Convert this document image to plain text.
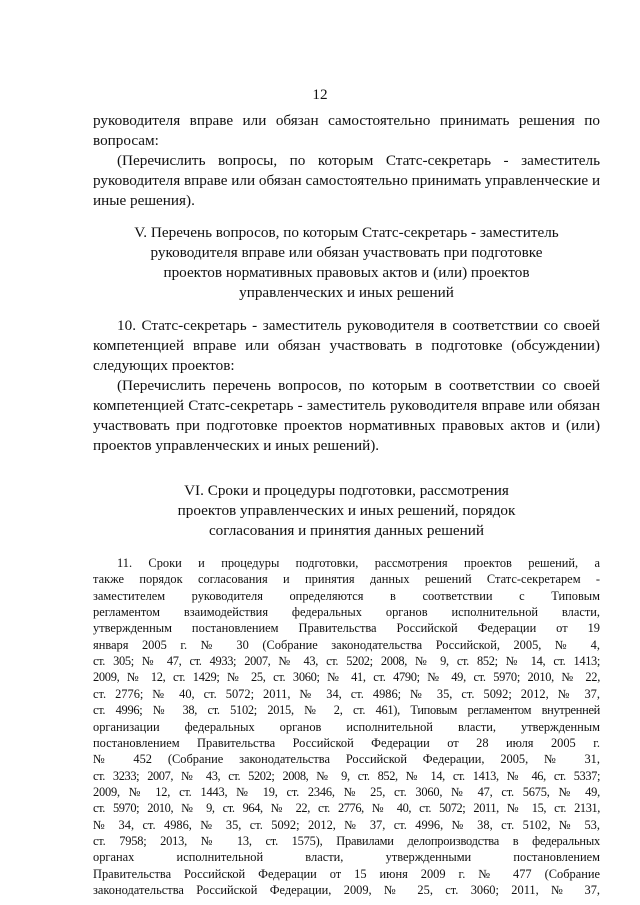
12
руководителя вправе или обязан самостоятельно принимать решения по
вопросам:
(Перечислить вопросы, по которым Статс-секретарь - заместитель
руководителя вправе или обязан самостоятельно принимать управленческие и
иные решения).
V. Перечень вопросов, по которым Статс-секретарь - заместитель
руководителя вправе или обязан участвовать при подготовке
проектов нормативных правовых актов и (или) проектов
управленческих и иных решений
10. Статс-секретарь - заместитель руководителя в соответствии со своей
компетенцией вправе или обязан участвовать в подготовке (обсуждении)
следующих проектов:
(Перечислить перечень вопросов, по которым в соответствии со своей
компетенцией Статс-секретарь - заместитель руководителя вправе или обязан
участвовать при подготовке проектов нормативных правовых актов и (или)
проектов управленческих и иных решений).
VI. Сроки и процедуры подготовки, рассмотрения
проектов управленческих и иных решений, порядок
согласования и принятия данных решений
11. Сроки и процедуры подготовки, рассмотрения проектов решений, а
также порядок согласования и принятия данных решений Статс-секретарем -
заместителем руководителя определяются в соответствии с Типовым
регламентом взаимодействия федеральных органов исполнительной власти,
утвержденным постановлением Правительства Российской Федерации от 19
января 2005 г. № 30 (Собрание законодательства Российской, 2005, № 4,
ст. 305; № 47, ст. 4933; 2007, № 43, ст. 5202; 2008, № 9, ст. 852; № 14, ст. 1413;
2009, № 12, ст. 1429; № 25, ст. 3060; № 41, ст. 4790; № 49, ст. 5970; 2010, № 22,
ст. 2776; № 40, ст. 5072; 2011, № 34, ст. 4986; № 35, ст. 5092; 2012, № 37,
ст. 4996; № 38, ст. 5102; 2015, № 2, ст. 461), Типовым регламентом внутренней
организации федеральных органов исполнительной власти, утвержденным
постановлением Правительства Российской Федерации от 28 июля 2005 г.
№ 452 (Собрание законодательства Российской Федерации, 2005, № 31,
ст. 3233; 2007, № 43, ст. 5202; 2008, № 9, ст. 852, № 14, ст. 1413, № 46, ст. 5337;
2009, № 12, ст. 1443, № 19, ст. 2346, № 25, ст. 3060, № 47, ст. 5675, № 49,
ст. 5970; 2010, № 9, ст. 964, № 22, ст. 2776, № 40, ст. 5072; 2011, № 15, ст. 2131,
№ 34, ст. 4986, № 35, ст. 5092; 2012, № 37, ст. 4996, № 38, ст. 5102, № 53,
ст. 7958; 2013, № 13, ст. 1575), Правилами делопроизводства в федеральных
органах исполнительной власти, утвержденными постановлением
Правительства Российской Федерации от 15 июня 2009 г. № 477 (Собрание
законодательства Российской Федерации, 2009, № 25, ст. 3060; 2011, № 37,
